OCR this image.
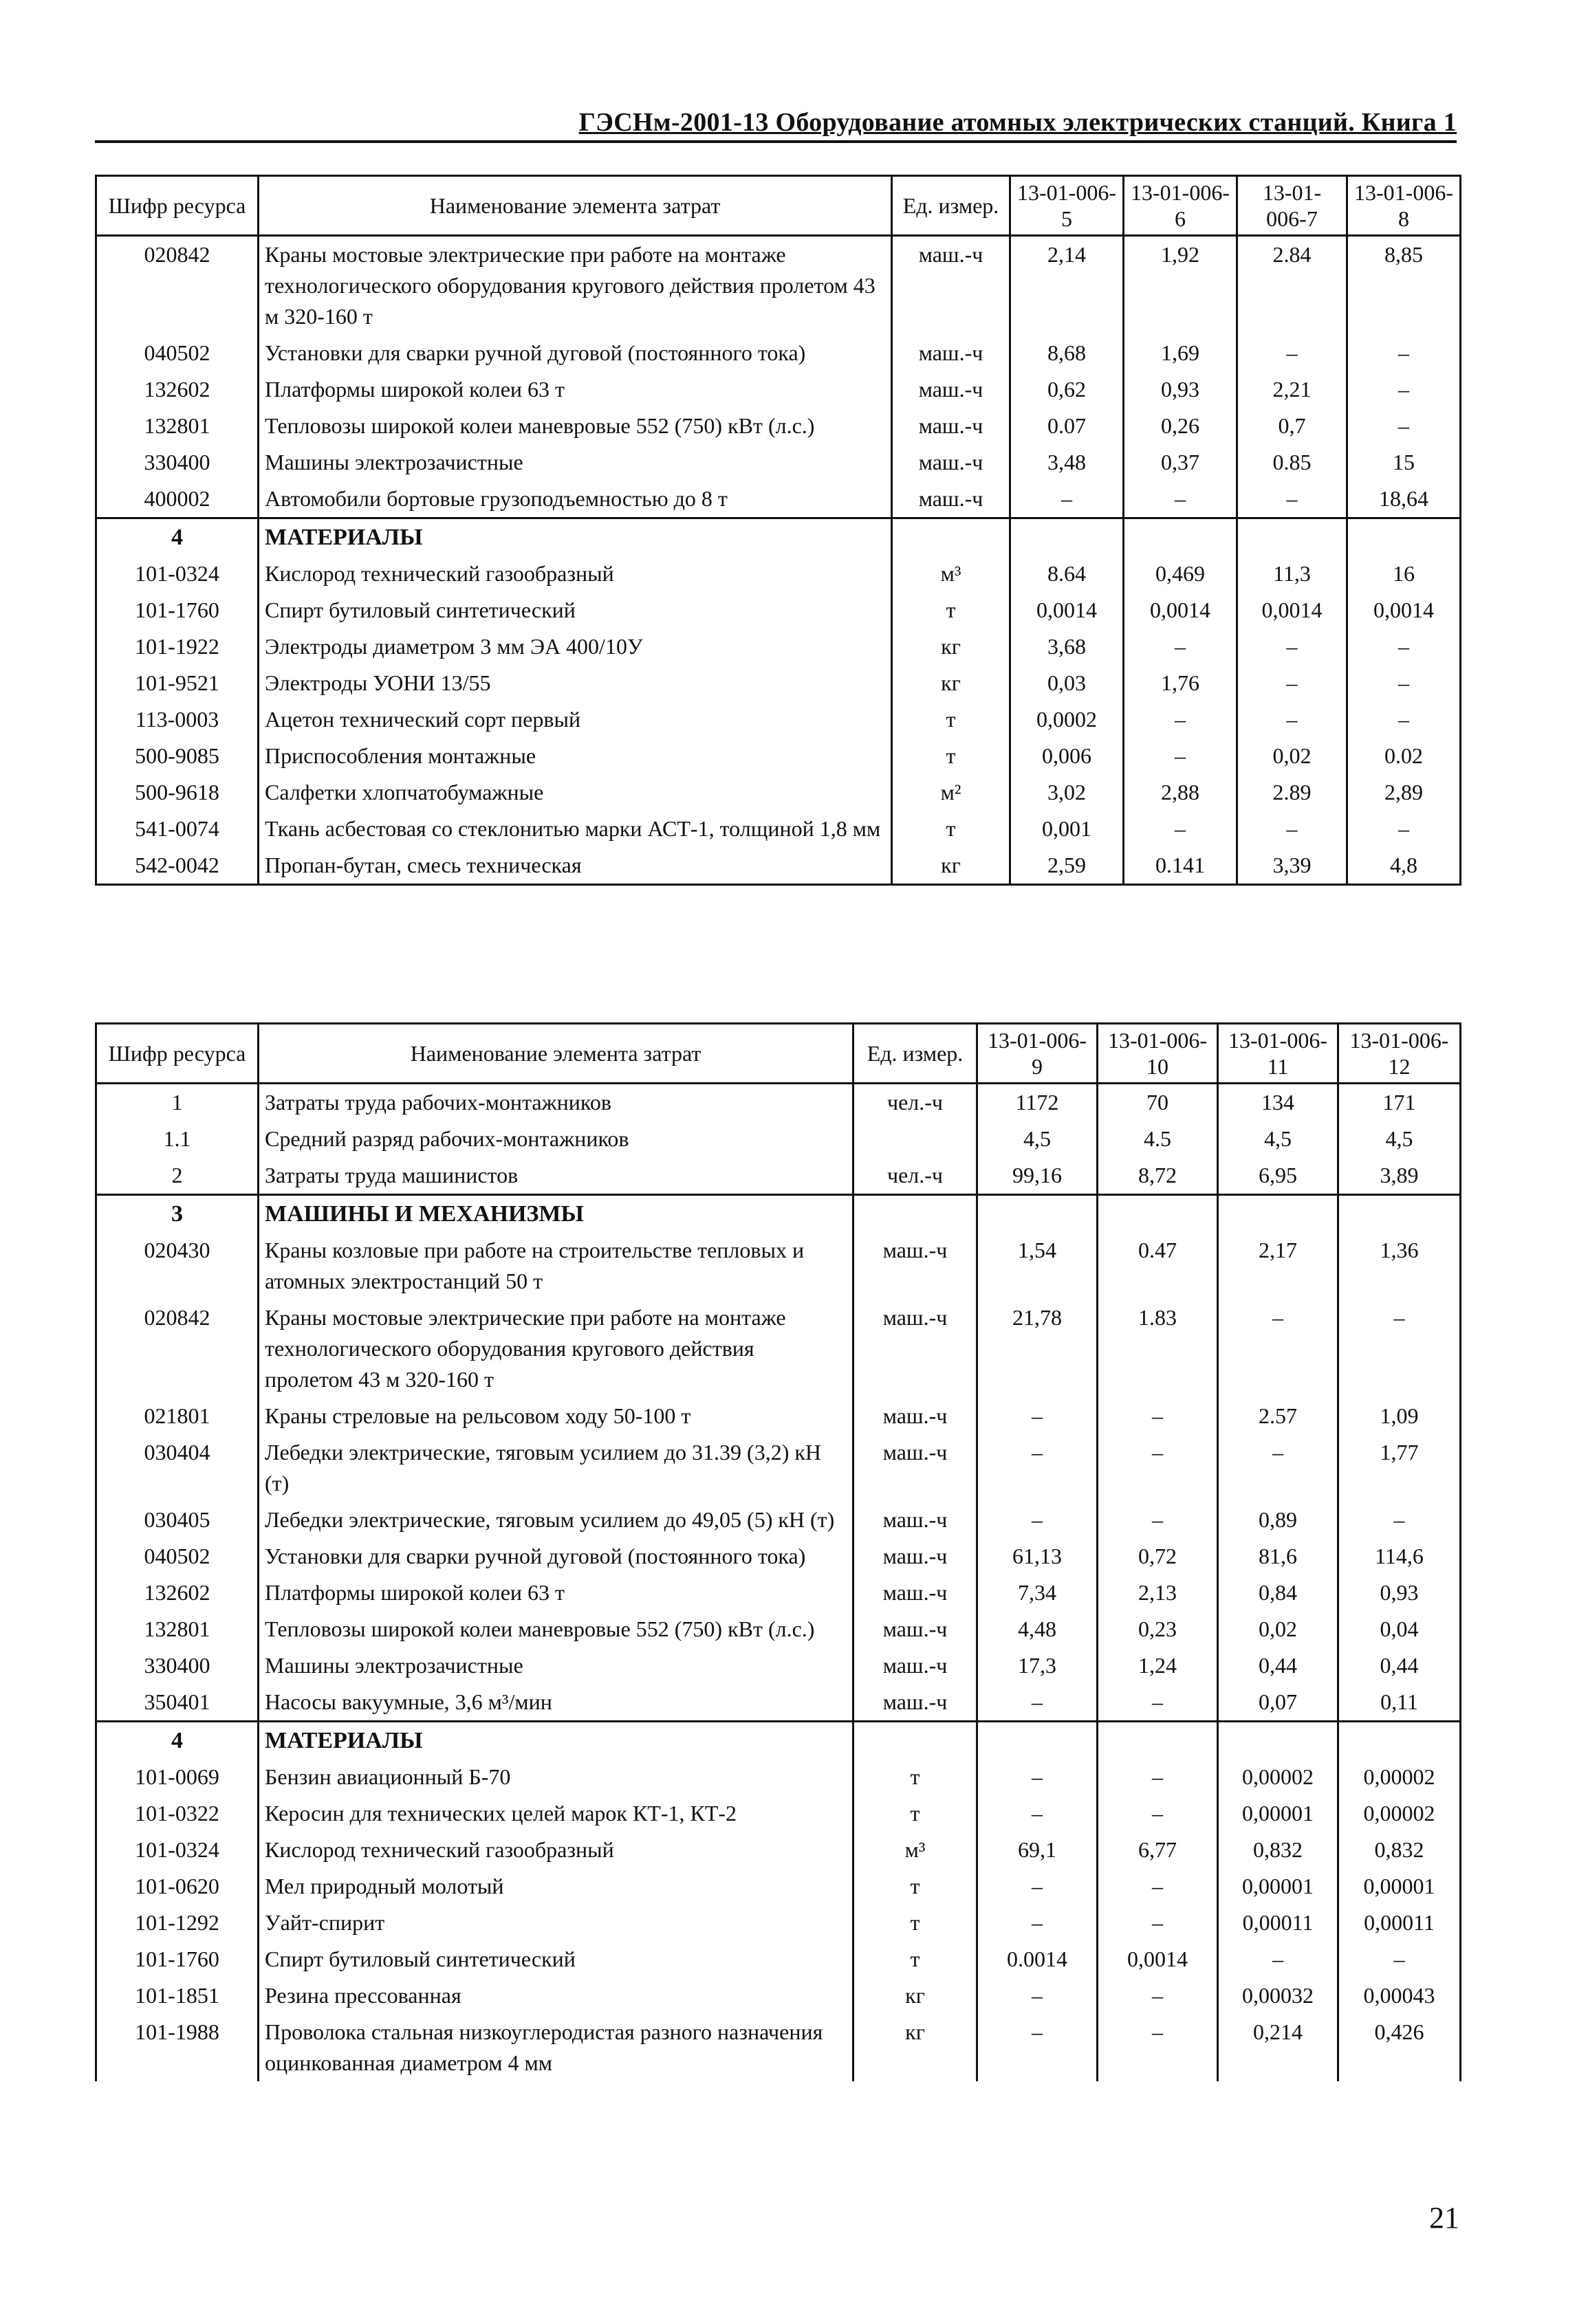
ГЭСНм-2001-13 Оборудование атомных электрических станций. Книга 1
Шифр ресурса	Наименование элемента затрат	Ед. измер.	13-01-006-5	13-01-006-6	13-01-006-7	13-01-006-8
020842	Краны мостовые электрические при работе на монтаже технологического оборудования кругового действия пролетом 43 м 320-160 т	маш.-ч	2,14	1,92	2.84	8,85
040502	Установки для сварки ручной дуговой (постоянного тока)	маш.-ч	8,68	1,69	–	–
132602	Платформы широкой колеи 63 т	маш.-ч	0,62	0,93	2,21	–
132801	Тепловозы широкой колеи маневровые 552 (750) кВт (л.с.)	маш.-ч	0.07	0,26	0,7	–
330400	Машины электрозачистные	маш.-ч	3,48	0,37	0.85	15
400002	Автомобили бортовые грузоподъемностью до 8 т	маш.-ч	–	–	–	18,64
4	МАТЕРИАЛЫ					
101-0324	Кислород технический газообразный	м³	8.64	0,469	11,3	16
101-1760	Спирт бутиловый синтетический	т	0,0014	0,0014	0,0014	0,0014
101-1922	Электроды диаметром 3 мм ЭА 400/10У	кг	3,68	–	–	–
101-9521	Электроды УОНИ 13/55	кг	0,03	1,76	–	–
113-0003	Ацетон технический сорт первый	т	0,0002	–	–	–
500-9085	Приспособления монтажные	т	0,006	–	0,02	0.02
500-9618	Салфетки хлопчатобумажные	м²	3,02	2,88	2.89	2,89
541-0074	Ткань асбестовая со стеклонитью марки АСТ-1, толщиной 1,8 мм	т	0,001	–	–	–
542-0042	Пропан-бутан, смесь техническая	кг	2,59	0.141	3,39	4,8
Шифр ресурса	Наименование элемента затрат	Ед. измер.	13-01-006-9	13-01-006-10	13-01-006-11	13-01-006-12
1	Затраты труда рабочих-монтажников	чел.-ч	1172	70	134	171
1.1	Средний разряд рабочих-монтажников		4,5	4.5	4,5	4,5
2	Затраты труда машинистов	чел.-ч	99,16	8,72	6,95	3,89
3	МАШИНЫ И МЕХАНИЗМЫ					
020430	Краны козловые при работе на строительстве тепловых и атомных электростанций 50 т	маш.-ч	1,54	0.47	2,17	1,36
020842	Краны мостовые электрические при работе на монтаже технологического оборудования кругового действия пролетом 43 м 320-160 т	маш.-ч	21,78	1.83	–	–
021801	Краны стреловые на рельсовом ходу 50-100 т	маш.-ч	–	–	2.57	1,09
030404	Лебедки электрические, тяговым усилием до 31.39 (3,2) кН (т)	маш.-ч	–	–	–	1,77
030405	Лебедки электрические, тяговым усилием до 49,05 (5) кН (т)	маш.-ч	–	–	0,89	–
040502	Установки для сварки ручной дуговой (постоянного тока)	маш.-ч	61,13	0,72	81,6	114,6
132602	Платформы широкой колеи 63 т	маш.-ч	7,34	2,13	0,84	0,93
132801	Тепловозы широкой колеи маневровые 552 (750) кВт (л.с.)	маш.-ч	4,48	0,23	0,02	0,04
330400	Машины электрозачистные	маш.-ч	17,3	1,24	0,44	0,44
350401	Насосы вакуумные, 3,6 м³/мин	маш.-ч	–	–	0,07	0,11
4	МАТЕРИАЛЫ					
101-0069	Бензин авиационный Б-70	т	–	–	0,00002	0,00002
101-0322	Керосин для технических целей марок КТ-1, КТ-2	т	–	–	0,00001	0,00002
101-0324	Кислород технический газообразный	м³	69,1	6,77	0,832	0,832
101-0620	Мел природный молотый	т	–	–	0,00001	0,00001
101-1292	Уайт-спирит	т	–	–	0,00011	0,00011
101-1760	Спирт бутиловый синтетический	т	0.0014	0,0014	–	–
101-1851	Резина прессованная	кг	–	–	0,00032	0,00043
101-1988	Проволока стальная низкоуглеродистая разного назначения оцинкованная диаметром 4 мм	кг	–	–	0,214	0,426
21
